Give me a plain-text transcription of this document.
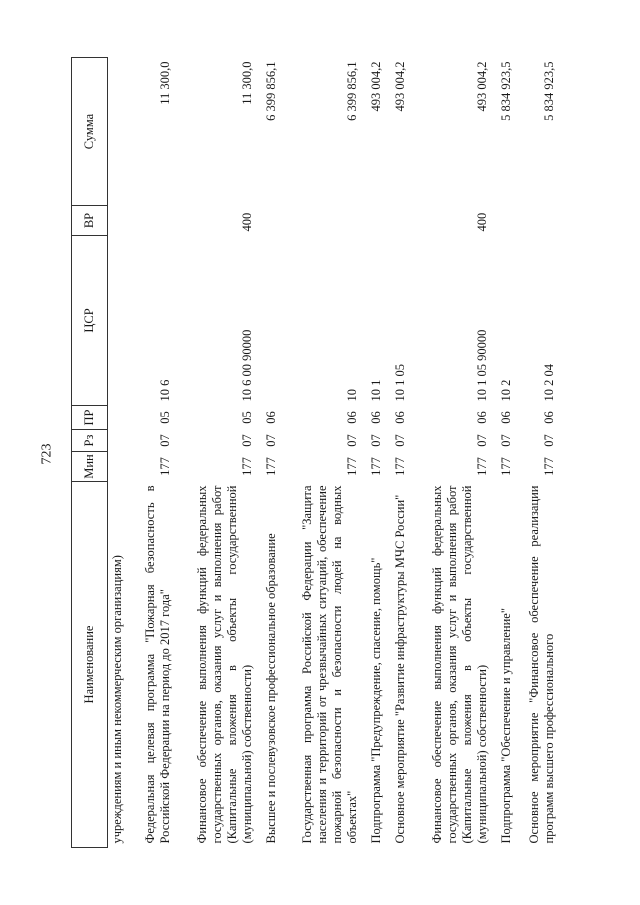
723
Наименование	Мин	Рз	ПР	ЦСР	ВР	Сумма
учреждениям и иным некоммерческим организациям)						
Федеральная целевая программа "Пожарная безопасность в Российской Федерации на период до 2017 года"	177	07	05	10 6		11 300,0
Финансовое обеспечение выполнения функций федеральных государственных органов, оказания услуг и выполнения работ (Капитальные вложения в объекты государственной (муниципальной) собственности)	177	07	05	10 6 00 90000	400	11 300,0
Высшее и послевузовское профессиональное образование	177	07	06			6 399 856,1
Государственная программа Российской Федерации "Защита населения и территорий от чрезвычайных ситуаций, обеспечение пожарной безопасности и безопасности людей на водных объектах"	177	07	06	10		6 399 856,1
Подпрограмма "Предупреждение, спасение, помощь"	177	07	06	10 1		493 004,2
Основное мероприятие "Развитие инфраструктуры МЧС России"	177	07	06	10 1 05		493 004,2
Финансовое обеспечение выполнения функций федеральных государственных органов, оказания услуг и выполнения работ (Капитальные вложения в объекты государственной (муниципальной) собственности)	177	07	06	10 1 05 90000	400	493 004,2
Подпрограмма "Обеспечение и управление"	177	07	06	10 2		5 834 923,5
Основное мероприятие "Финансовое обеспечение реализации программ высшего профессионального	177	07	06	10 2 04		5 834 923,5
